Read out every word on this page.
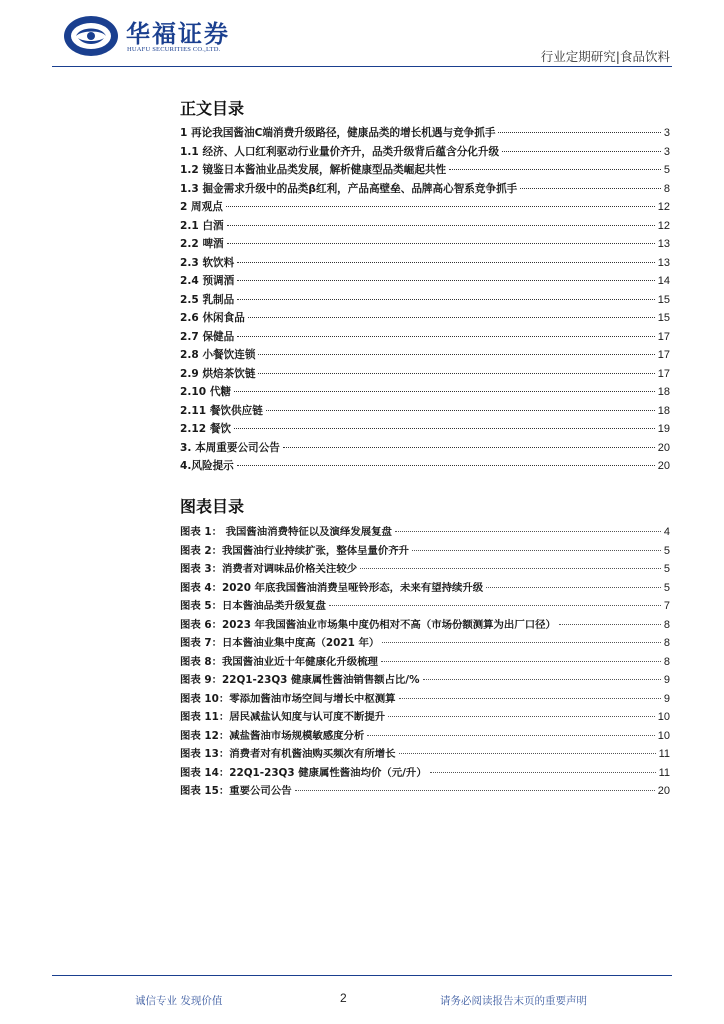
华福证券
HUAFU SECURITIES CO.,LTD.	行业定期研究|食品饮料
正文目录
1 再论我国酱油C端消费升级路径，健康品类的增长机遇与竞争抓手	3
1.1 经济、人口红利驱动行业量价齐升，品类升级背后蕴含分化升级	3
1.2 镜鉴日本酱油业品类发展，解析健康型品类崛起共性	5
1.3 掘金需求升级中的品类β红利，产品高壁垒、品牌高心智系竞争抓手	8
2 周观点	12
2.1 白酒	12
2.2 啤酒	13
2.3 软饮料	13
2.4 预调酒	14
2.5 乳制品	15
2.6 休闲食品	15
2.7 保健品	17
2.8 小餐饮连锁	17
2.9 烘焙茶饮链	17
2.10 代糖	18
2.11 餐饮供应链	18
2.12 餐饮	19
3. 本周重要公司公告	20
4.风险提示	20
图表目录
图表 1： 我国酱油消费特征以及演绎发展复盘	4
图表 2：我国酱油行业持续扩张，整体呈量价齐升	5
图表 3：消费者对调味品价格关注较少	5
图表 4：2020 年底我国酱油消费呈哑铃形态，未来有望持续升级	5
图表 5：日本酱油品类升级复盘	7
图表 6：2023 年我国酱油业市场集中度仍相对不高（市场份额测算为出厂口径）	8
图表 7：日本酱油业集中度高（2021 年）	8
图表 8：我国酱油业近十年健康化升级梳理	8
图表 9：22Q1-23Q3 健康属性酱油销售额占比/%	9
图表 10：零添加酱油市场空间与增长中枢测算	9
图表 11：居民减盐认知度与认可度不断提升	10
图表 12：减盐酱油市场规模敏感度分析	10
图表 13：消费者对有机酱油购买频次有所增长	11
图表 14：22Q1-23Q3 健康属性酱油均价（元/升）	11
图表 15：重要公司公告	20
诚信专业 发现价值	2	请务必阅读报告末页的重要声明
